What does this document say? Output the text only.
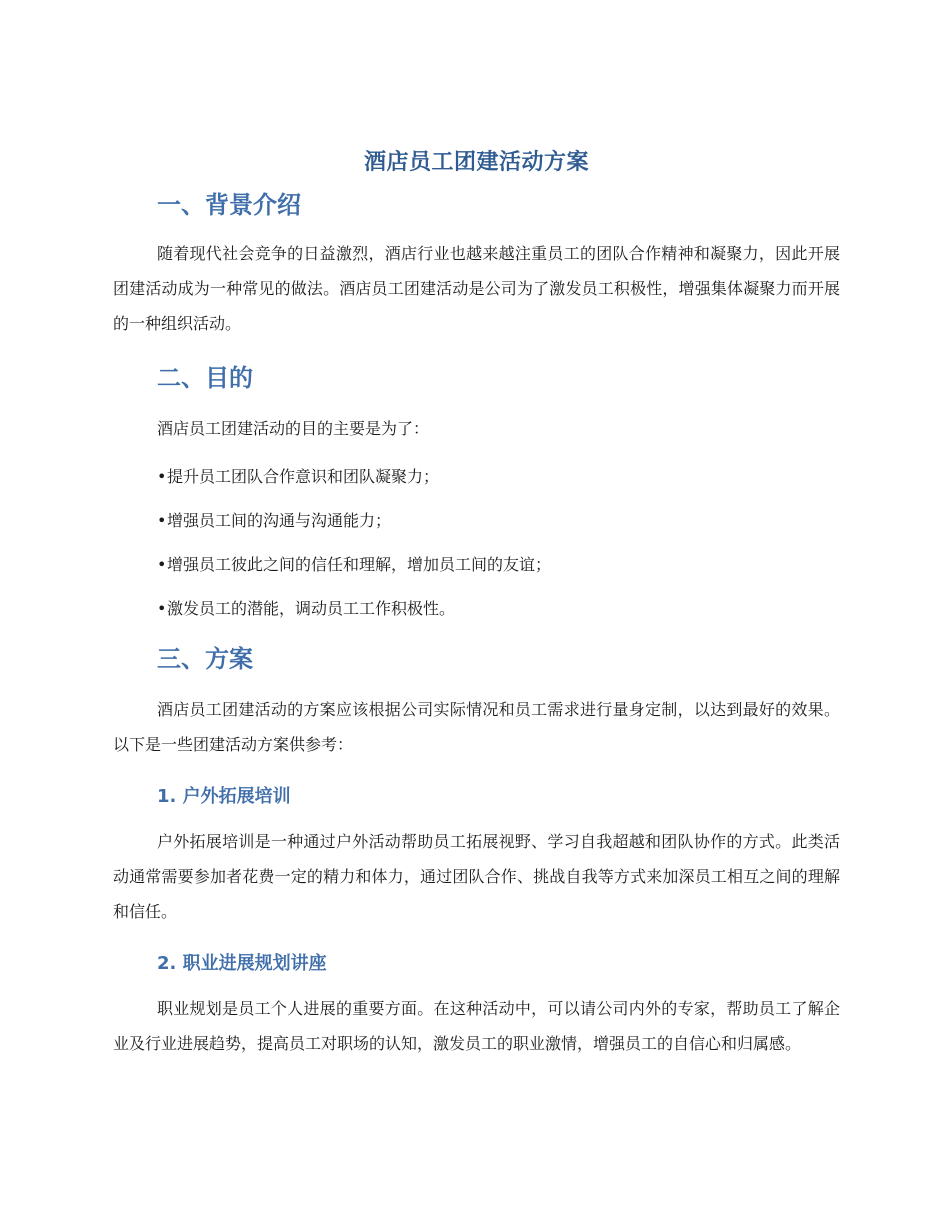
酒店员工团建活动方案
一、背景介绍
随着现代社会竞争的日益激烈，酒店行业也越来越注重员工的团队合作精神和凝聚力，因此开展团建活动成为一种常见的做法。酒店员工团建活动是公司为了激发员工积极性，增强集体凝聚力而开展的一种组织活动。
二、目的
酒店员工团建活动的目的主要是为了：
•提升员工团队合作意识和团队凝聚力；
•增强员工间的沟通与沟通能力；
•增强员工彼此之间的信任和理解，增加员工间的友谊；
•激发员工的潜能，调动员工工作积极性。
三、方案
酒店员工团建活动的方案应该根据公司实际情况和员工需求进行量身定制，以达到最好的效果。以下是一些团建活动方案供参考：
1. 户外拓展培训
户外拓展培训是一种通过户外活动帮助员工拓展视野、学习自我超越和团队协作的方式。此类活动通常需要参加者花费一定的精力和体力，通过团队合作、挑战自我等方式来加深员工相互之间的理解和信任。
2. 职业进展规划讲座
职业规划是员工个人进展的重要方面。在这种活动中，可以请公司内外的专家，帮助员工了解企业及行业进展趋势，提高员工对职场的认知，激发员工的职业激情，增强员工的自信心和归属感。
